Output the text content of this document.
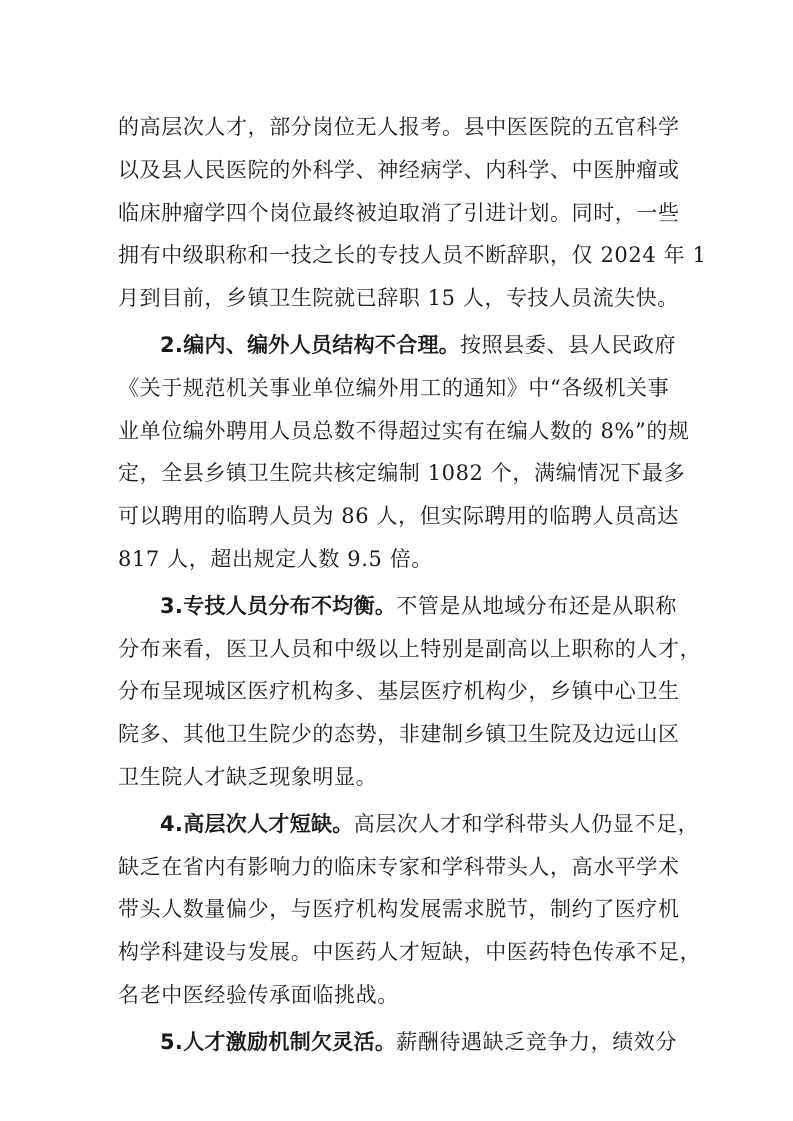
的高层次人才，部分岗位无人报考。县中医医院的五官科学
以及县人民医院的外科学、神经病学、内科学、中医肿瘤或
临床肿瘤学四个岗位最终被迫取消了引进计划。同时，一些
拥有中级职称和一技之长的专技人员不断辞职，仅 2024 年 1
月到目前，乡镇卫生院就已辞职 15 人，专技人员流失快。
2.编内、编外人员结构不合理。按照县委、县人民政府
《关于规范机关事业单位编外用工的通知》中“各级机关事
业单位编外聘用人员总数不得超过实有在编人数的 8%”的规
定，全县乡镇卫生院共核定编制 1082 个，满编情况下最多
可以聘用的临聘人员为 86 人，但实际聘用的临聘人员高达
817 人，超出规定人数 9.5 倍。
3.专技人员分布不均衡。不管是从地域分布还是从职称
分布来看，医卫人员和中级以上特别是副高以上职称的人才，
分布呈现城区医疗机构多、基层医疗机构少，乡镇中心卫生
院多、其他卫生院少的态势，非建制乡镇卫生院及边远山区
卫生院人才缺乏现象明显。
4.高层次人才短缺。高层次人才和学科带头人仍显不足，
缺乏在省内有影响力的临床专家和学科带头人，高水平学术
带头人数量偏少，与医疗机构发展需求脱节，制约了医疗机
构学科建设与发展。中医药人才短缺，中医药特色传承不足，
名老中医经验传承面临挑战。
5.人才激励机制欠灵活。薪酬待遇缺乏竞争力，绩效分
